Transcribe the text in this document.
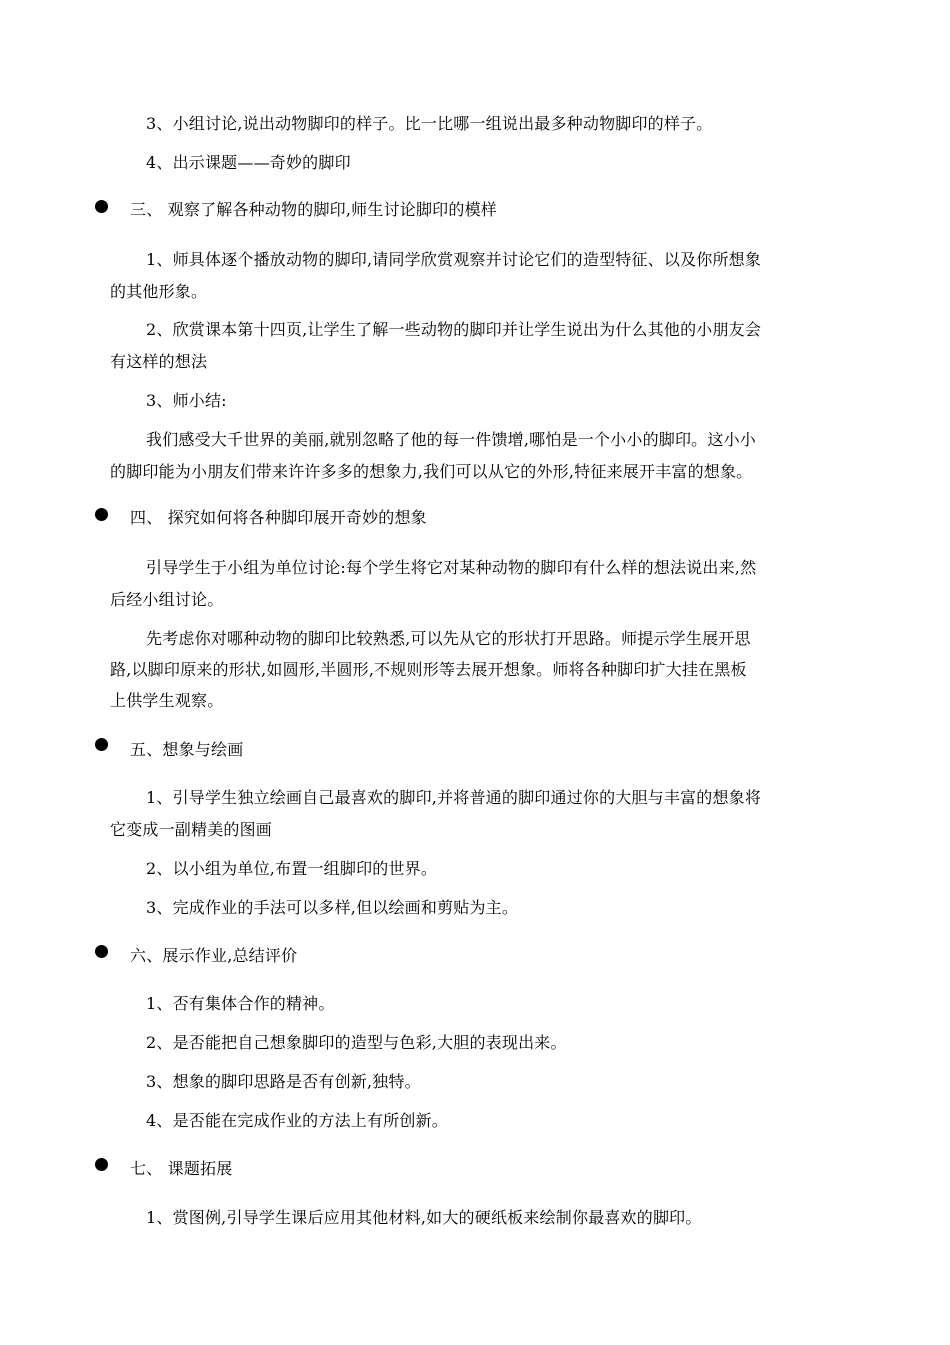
3、小组讨论,说出动物脚印的样子。比一比哪一组说出最多种动物脚印的样子。
4、出示课题——奇妙的脚印
三、 观察了解各种动物的脚印,师生讨论脚印的模样
1、师具体逐个播放动物的脚印,请同学欣赏观察并讨论它们的造型特征、以及你所想象
的其他形象。
2、欣赏课本第十四页,让学生了解一些动物的脚印并让学生说出为什么其他的小朋友会
有这样的想法
3、师小结:
我们感受大千世界的美丽,就别忽略了他的每一件馈增,哪怕是一个小小的脚印。这小小
的脚印能为小朋友们带来许许多多的想象力,我们可以从它的外形,特征来展开丰富的想象。
四、 探究如何将各种脚印展开奇妙的想象
引导学生于小组为单位讨论:每个学生将它对某种动物的脚印有什么样的想法说出来,然
后经小组讨论。
先考虑你对哪种动物的脚印比较熟悉,可以先从它的形状打开思路。师提示学生展开思
路,以脚印原来的形状,如圆形,半圆形,不规则形等去展开想象。师将各种脚印扩大挂在黑板
上供学生观察。
五、想象与绘画
1、引导学生独立绘画自己最喜欢的脚印,并将普通的脚印通过你的大胆与丰富的想象将
它变成一副精美的图画
2、以小组为单位,布置一组脚印的世界。
3、完成作业的手法可以多样,但以绘画和剪贴为主。
六、展示作业,总结评价
1、否有集体合作的精神。
2、是否能把自己想象脚印的造型与色彩,大胆的表现出来。
3、想象的脚印思路是否有创新,独特。
4、是否能在完成作业的方法上有所创新。
七、 课题拓展
1、赏图例,引导学生课后应用其他材料,如大的硬纸板来绘制你最喜欢的脚印。
